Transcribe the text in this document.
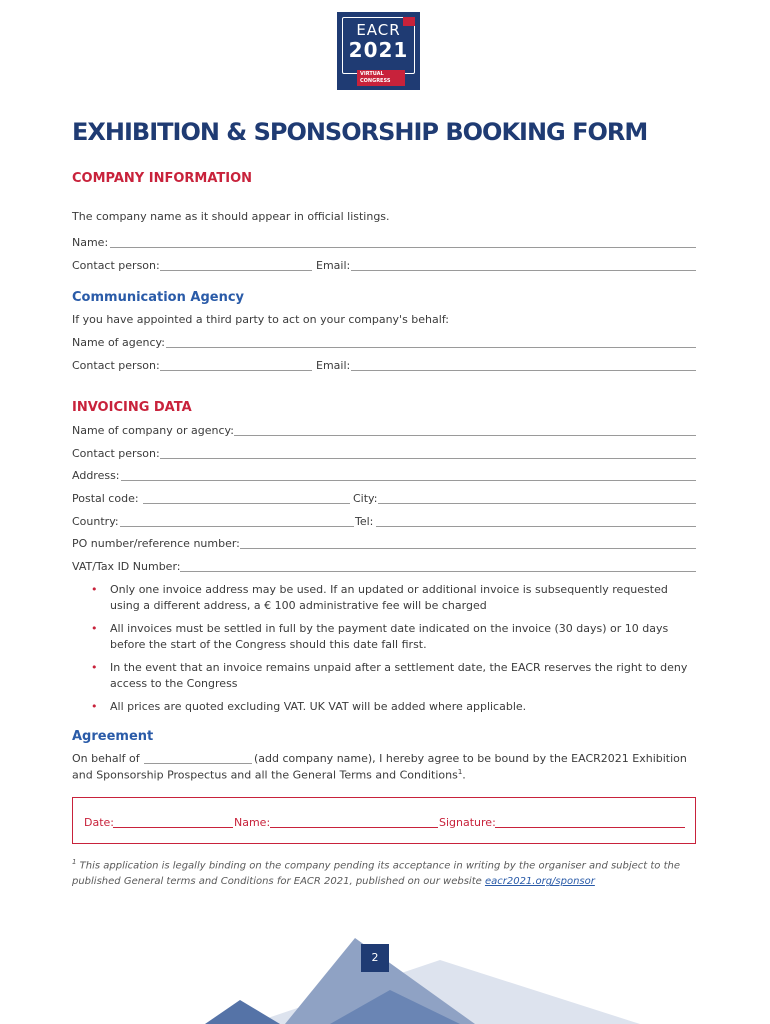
EACR
2021
VIRTUAL
CONGRESS
EXHIBITION & SPONSORSHIP BOOKING FORM
COMPANY INFORMATION
The company name as it should appear in official listings.
Name:
Contact person:	Email:
Communication Agency
If you have appointed a third party to act on your company's behalf:
Name of agency:
Contact person:	Email:
INVOICING DATA
Name of company or agency:
Contact person:
Address:
Postal code:	City:
Country:	Tel:
PO number/reference number:
VAT/Tax ID Number:
• Only one invoice address may be used. If an updated or additional invoice is subsequently requested using a different address, a € 100 administrative fee will be charged
• All invoices must be settled in full by the payment date indicated on the invoice (30 days) or 10 days before the start of the Congress should this date fall first.
• In the event that an invoice remains unpaid after a settlement date, the EACR reserves the right to deny access to the Congress
• All prices are quoted excluding VAT. UK VAT will be added where applicable.
Agreement
On behalf of	(add company name), I hereby agree to be bound by the EACR2021 Exhibition
and Sponsorship Prospectus and all the General Terms and Conditions$^1$.
Date:	Name:	Signature:
$^1$ This application is legally binding on the company pending its acceptance in writing by the organiser and subject to the published General terms and Conditions for EACR 2021, published on our website eacr2021.org/sponsor
2
